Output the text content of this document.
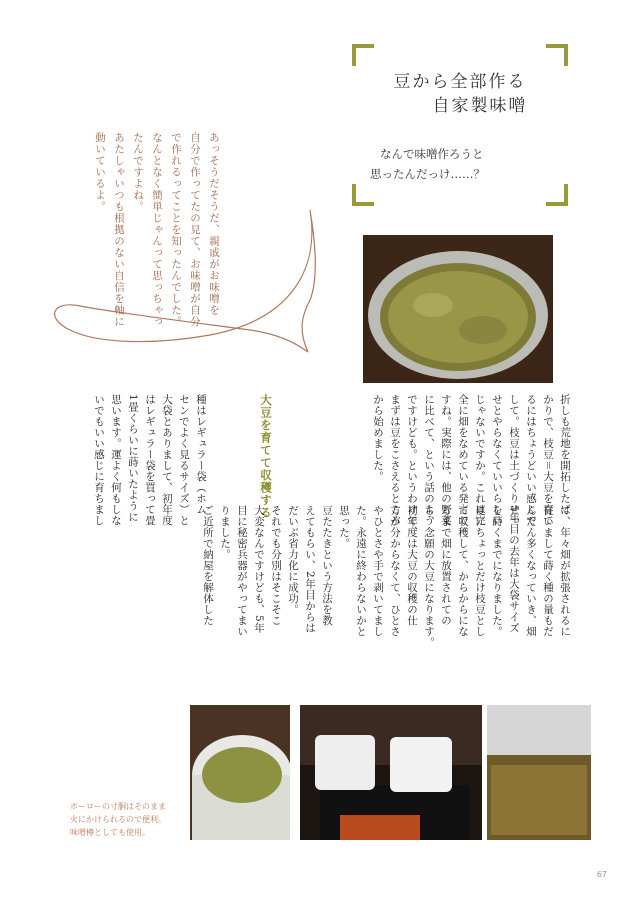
あっそうだそうだ、親戚がお味噌を
自分で作ってたの見て、お味噌が自分
で作れるってことを知ったんでした。
なんとなく簡単じゃんって思っちゃっ
たんですよね。
あたしゃいつも根拠のない自信を軸に
動いているよ。
豆から全部作る
自家製味噌
なんで味噌作ろうと
思ったんだっけ……？
折しも荒地を開拓したば
かりで、枝豆＝大豆を育て
るにはちょうどいい感じで
して。枝豆は土づくりせっ
せとやらなくていいらしい
じゃないですか。これは完
全に畑をなめている発言で
すね。実際には、他の野菜
に比べて、という話のよう
ですけども。というわけで、
まずは豆をこさえるところ
から始めました。
大豆を育てて収穫する
種はレギュラー袋（ホム
センでよく見るサイズ）と
大袋とありまして、初年度
はレギュラー袋を買って畳
1畳くらいに蒔いたように
思います。運よく何もしな
いでもいい感じに育ちまし
ホーローの寸胴はそのまま
火にかけられるので便利。
味噌樽としても使用。
67
て、年々畑が拡張されるに
従いまして蒔く種の量もだ
んだん多くなっていき、畑
5年目の去年は大袋サイズ
を蒔くまでになりました。
夏にちょっとだけ枝豆とし
て収穫して、からからにな
るまで畑に放置されての
ち、念願の大豆になります。
初年度は大豆の収穫の仕
方が分からなくて、ひとさ
やひとさや手で剥いてまし
た。永遠に終わらないかと
思った。
豆たたきという方法を教
えてもらい、2年目からは
だいぶ省力化に成功。
それでも分別はそこそこ
大変なんですけども、5年
目に秘密兵器がやってまい
りました。
ご近所で納屋を解体した
